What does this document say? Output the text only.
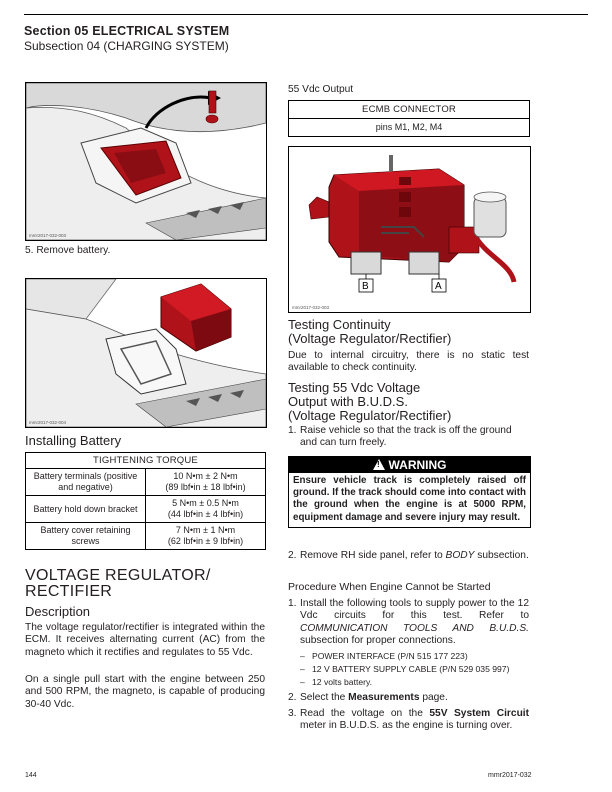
Section 05 ELECTRICAL SYSTEM
Subsection 04 (CHARGING SYSTEM)
mmr2017-032-003
5. Remove battery.
mmr2017-032-004
Installing Battery
TIGHTENING TORQUE	
Battery terminals (positive and negative)	10 N•m ± 2 N•m
(89 lbf•in ± 18 lbf•in)
Battery hold down bracket	5 N•m ± 0.5 N•m
(44 lbf•in ± 4 lbf•in)
Battery cover retaining screws	7 N•m ± 1 N•m
(62 lbf•in ± 9 lbf•in)
VOLTAGE REGULATOR/
RECTIFIER
Description
The voltage regulator/rectifier is integrated within the ECM. It receives alternating current (AC) from the magneto which it rectifies and regulates to 55 Vdc.
On a single pull start with the engine between 250 and 500 RPM, the magneto, is capable of producing 30-40 Vdc.
55 Vdc Output
ECMB CONNECTOR
pins M1, M2, M4
B	A
mmr2017-032-003
Testing Continuity
(Voltage Regulator/Rectifier)
Due to internal circuitry, there is no static test available to check continuity.
Testing 55 Vdc Voltage
Output with B.U.D.S.
(Voltage Regulator/Rectifier)
1. Raise vehicle so that the track is off the ground and can turn freely.
! WARNING
Ensure vehicle track is completely raised off ground. If the track should come into contact with the ground when the engine is at 5000 RPM, equipment damage and severe injury may result.
2. Remove RH side panel, refer to BODY subsection.
Procedure When Engine Cannot be Started
1. Install the following tools to supply power to the 12 Vdc circuits for this test. Refer to COMMUNICATION TOOLS AND B.U.D.S. subsection for proper connections.
– POWER INTERFACE (P/N 515 177 223)
– 12 V BATTERY SUPPLY CABLE (P/N 529 035 997)
– 12 volts battery.
2. Select the Measurements page.
3. Read the voltage on the 55V System Circuit meter in B.U.D.S. as the engine is turning over.
144	mmr2017-032
